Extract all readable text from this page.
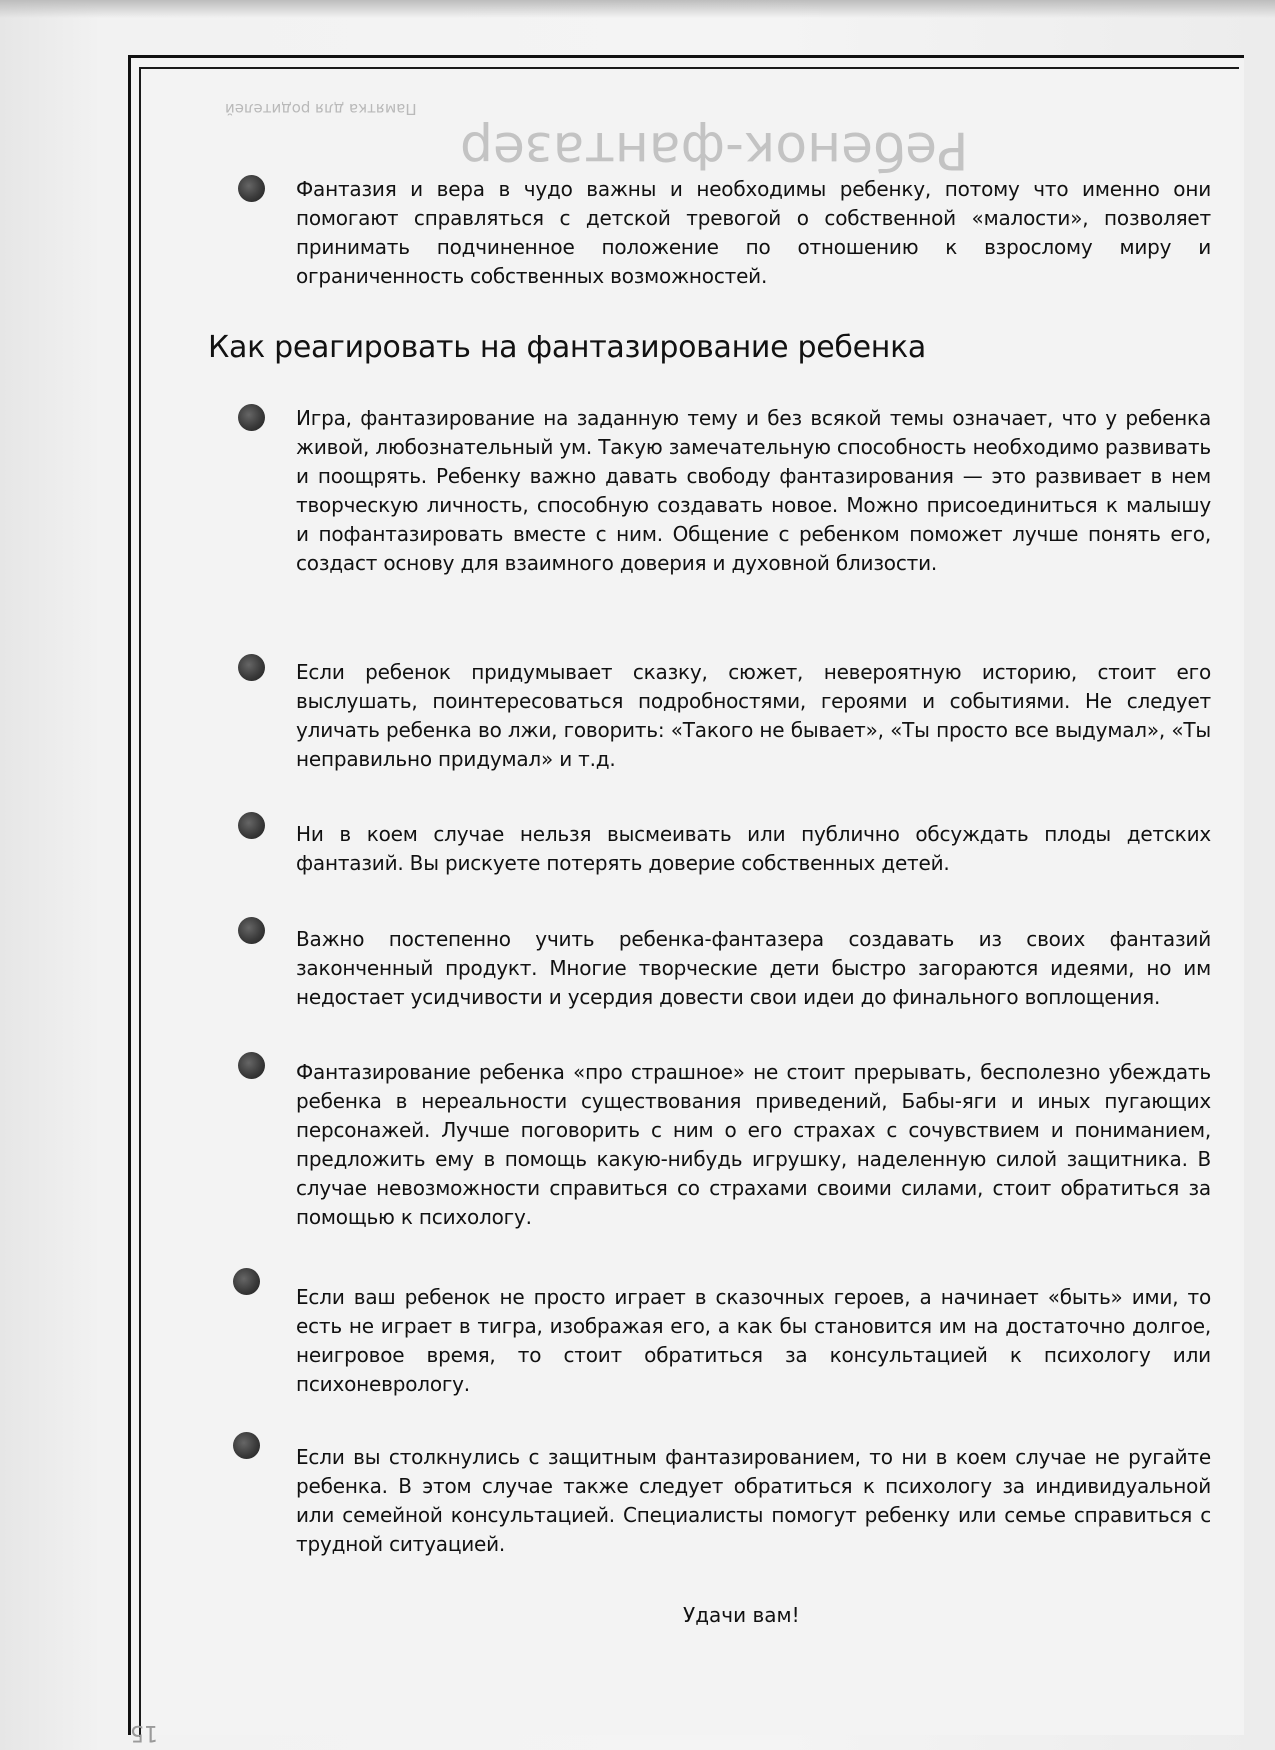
Памятка для родителей
Ребенок-фантазер
15
Фантазия и вера в чудо важны и необходимы ребенку, потому что именно они помогают справляться с детской тревогой о собственной «малости», позволяет принимать подчиненное положение по отношению к взрослому миру и ограниченность собственных возможностей.
Как реагировать на фантазирование ребенка
Игра, фантазирование на заданную тему и без всякой темы означает, что у ребенка живой, любознательный ум. Такую замечательную способность необходимо развивать и поощрять. Ребенку важно давать свободу фантазирования — это развивает в нем творческую личность, способную создавать новое. Можно присоединиться к малышу и пофантазировать вместе с ним. Общение с ребенком поможет лучше понять его, создаст основу для взаимного доверия и духовной близости.
Если ребенок придумывает сказку, сюжет, невероятную историю, стоит его выслушать, поинтересоваться подробностями, героями и событиями. Не следует уличать ребенка во лжи, говорить: «Такого не бывает», «Ты просто все выдумал», «Ты неправильно придумал» и т.д.
Ни в коем случае нельзя высмеивать или публично обсуждать плоды детских фантазий. Вы рискуете потерять доверие собственных детей.
Важно постепенно учить ребенка-фантазера создавать из своих фантазий законченный продукт. Многие творческие дети быстро загораются идеями, но им недостает усидчивости и усердия довести свои идеи до финального воплощения.
Фантазирование ребенка «про страшное» не стоит прерывать, бесполезно убеждать ребенка в нереальности существования приведений, Бабы-яги и иных пугающих персонажей. Лучше поговорить с ним о его страхах с сочувствием и пониманием, предложить ему в помощь какую-нибудь игрушку, наделенную силой защитника. В случае невозможности справиться со страхами своими силами, стоит обратиться за помощью к психологу.
Если ваш ребенок не просто играет в сказочных героев, а начинает «быть» ими, то есть не играет в тигра, изображая его, а как бы становится им на достаточно долгое, неигровое время, то стоит обратиться за консультацией к психологу или психоневрологу.
Если вы столкнулись с защитным фантазированием, то ни в коем случае не ругайте ребенка. В этом случае также следует обратиться к психологу за индивидуальной или семейной консультацией. Специалисты помогут ребенку или семье справиться с трудной ситуацией.
Удачи вам!
